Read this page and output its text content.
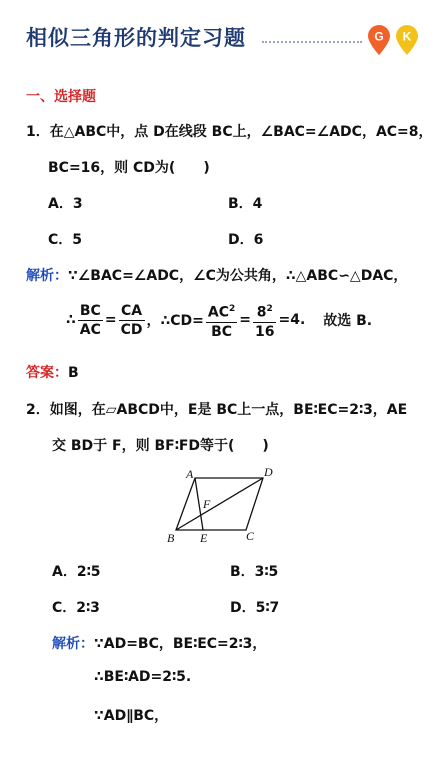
相似三角形的判定习题	G K
一、选择题
1．在△ABC中，点 D在线段 BC上，∠BAC=∠ADC，AC=8，
BC=16，则 CD为(　　)
A．3	B．4
C．5	D．6
解析：∵∠BAC=∠ADC，∠C为公共角，∴△ABC∽△DAC，
∴ $\frac{BC}{AC} = \frac{CA}{CD}$ ，∴CD= $\frac{AC^2}{BC} = \frac{8^2}{16} =4$. 故选 B.
答案：B
2．如图，在▱ABCD中，E是 BC上一点，BE∶EC=2∶3，AE
交 BD于 F，则 BF∶FD等于(　　)
A	D
B E	C
F
A．2∶5	B．3∶5
C．2∶3	D．5∶7
解析：∵AD=BC，BE∶EC=2∶3，
∴BE∶AD=2∶5.
∵AD∥BC，
